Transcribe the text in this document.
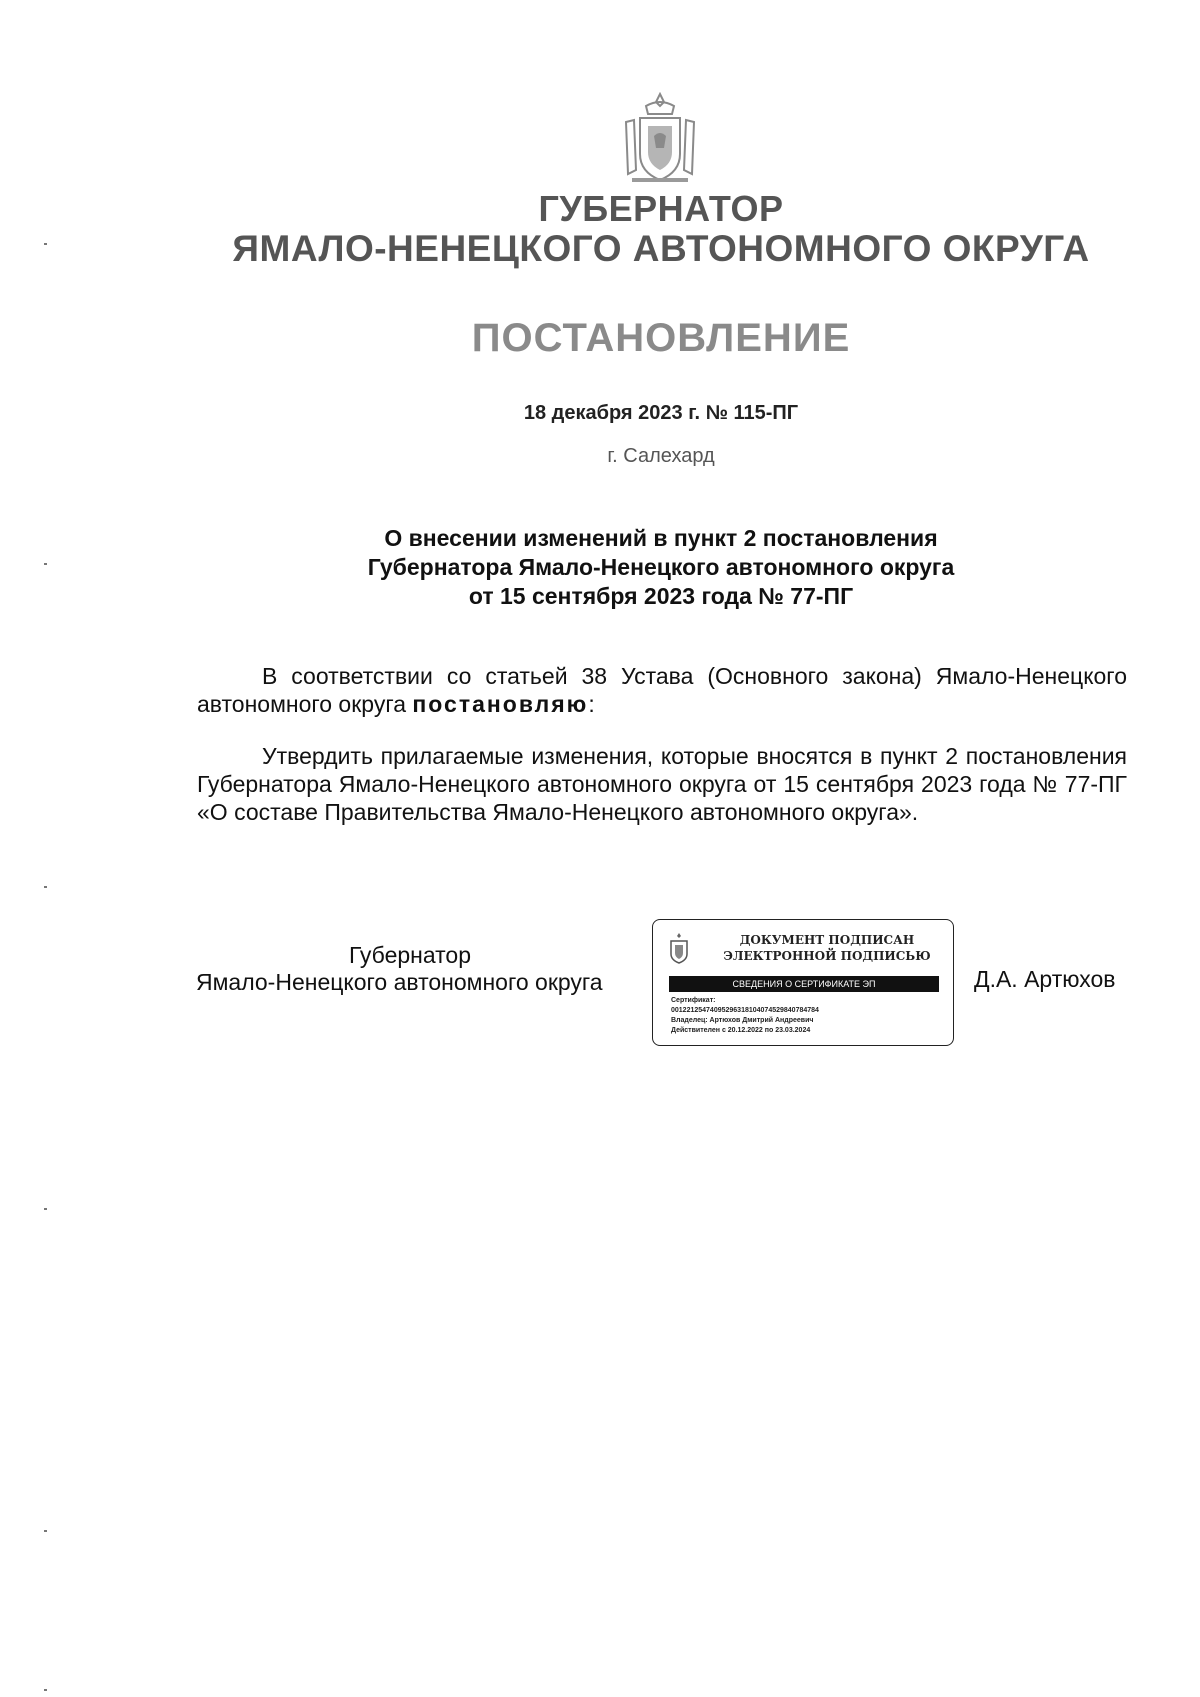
ГУБЕРНАТОР
ЯМАЛО-НЕНЕЦКОГО АВТОНОМНОГО ОКРУГА
ПОСТАНОВЛЕНИЕ
18 декабря 2023 г. № 115-ПГ
г. Салехард
О внесении изменений в пункт 2 постановления
Губернатора Ямало-Ненецкого автономного округа
от 15 сентября 2023 года № 77-ПГ
В соответствии со статьей 38 Устава (Основного закона) Ямало-Ненецкого автономного округа постановляю:
Утвердить прилагаемые изменения, которые вносятся в пункт 2 постановления Губернатора Ямало-Ненецкого автономного округа от 15 сентября 2023 года № 77-ПГ «О составе Правительства Ямало-Ненецкого автономного округа».
Губернатор
Ямало-Ненецкого автономного округа
ДОКУМЕНТ ПОДПИСАН
ЭЛЕКТРОННОЙ ПОДПИСЬЮ
СВЕДЕНИЯ О СЕРТИФИКАТЕ ЭП
Сертификат:
00122125474095296318104074529840784784
Владелец: Артюхов Дмитрий Андреевич
Действителен с 20.12.2022 по 23.03.2024
Д.А. Артюхов
